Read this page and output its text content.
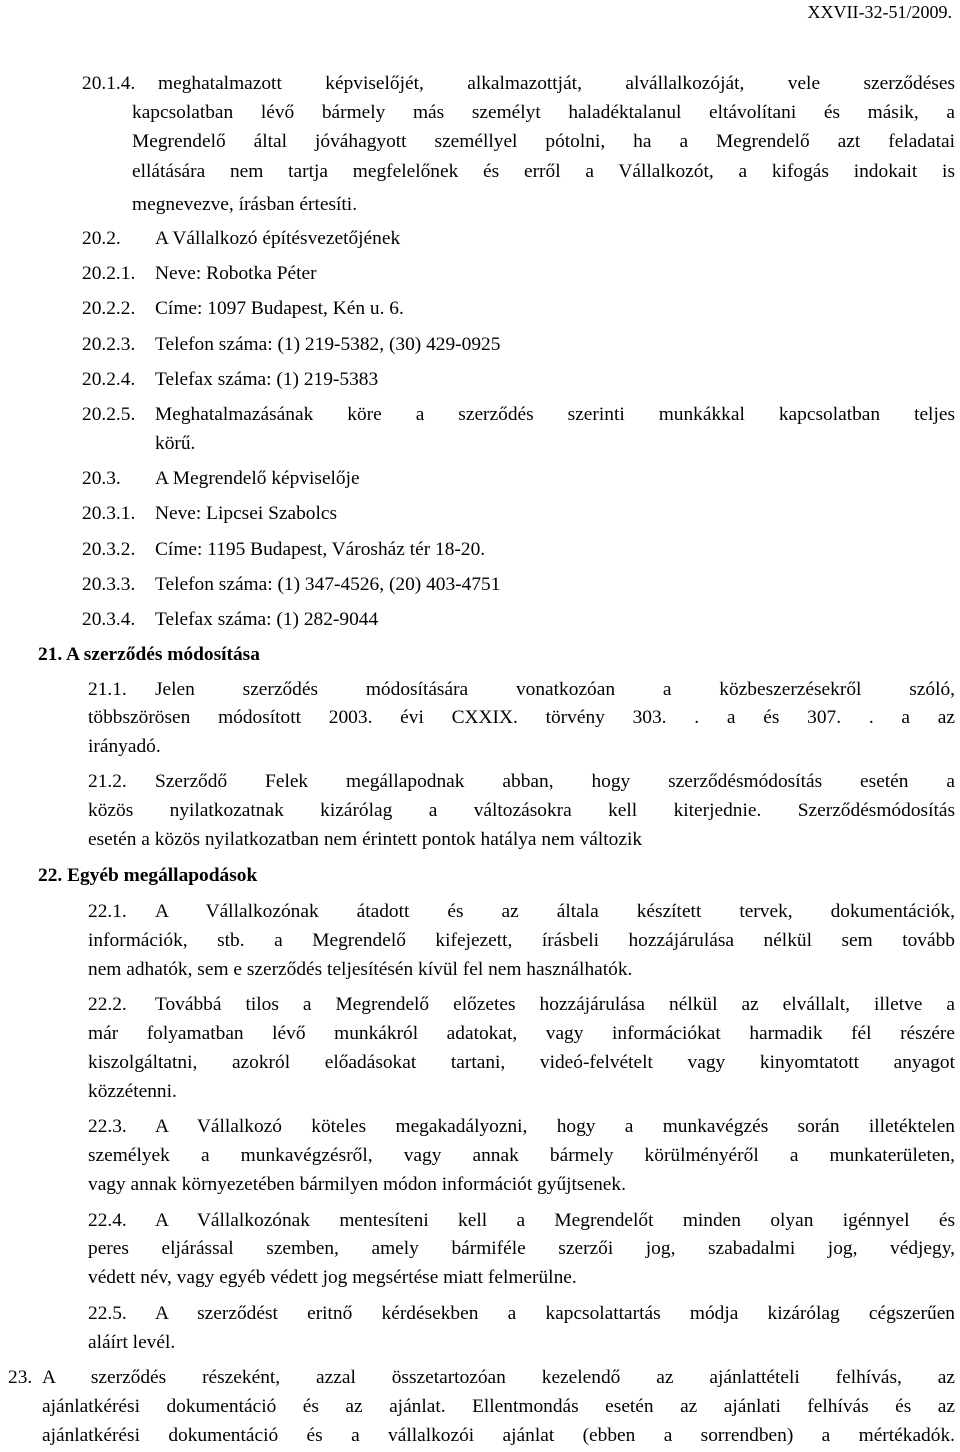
XXVII-32-51/2009.
20.1.4. meghatalmazott képviselőjét, alkalmazottját, alvállalkozóját, vele szerződéses
kapcsolatban lévő bármely más személyt haladéktalanul eltávolítani és másik, a
Megrendelő által jóváhagyott személlyel pótolni, ha a Megrendelő azt feladatai
ellátására nem tartja megfelelőnek és erről a Vállalkozót, a kifogás indokait is
megnevezve, írásban értesíti.
20.2. A Vállalkozó építésvezetőjének
20.2.1. Neve: Robotka Péter
20.2.2. Címe: 1097 Budapest, Kén u. 6.
20.2.3. Telefon száma: (1) 219-5382, (30) 429-0925
20.2.4. Telefax száma: (1) 219-5383
20.2.5. Meghatalmazásának köre a szerződés szerinti munkákkal kapcsolatban teljes
körű.
20.3. A Megrendelő képviselője
20.3.1. Neve: Lipcsei Szabolcs
20.3.2. Címe: 1195 Budapest, Városház tér 18-20.
20.3.3. Telefon száma: (1) 347-4526, (20) 403-4751
20.3.4. Telefax száma: (1) 282-9044
21. A szerződés módosítása
21.1. Jelen szerződés módosítására vonatkozóan a közbeszerzésekről szóló,
többszörösen módosított 2003. évi CXXIX. törvény 303. . a és 307. . a az
irányadó.
21.2. Szerződő Felek megállapodnak abban, hogy szerződésmódosítás esetén a
közös nyilatkozatnak kizárólag a változásokra kell kiterjednie. Szerződésmódosítás
esetén a közös nyilatkozatban nem érintett pontok hatálya nem változik
22. Egyéb megállapodások
22.1. A Vállalkozónak átadott és az általa készített tervek, dokumentációk,
információk, stb. a Megrendelő kifejezett, írásbeli hozzájárulása nélkül sem tovább
nem adhatók, sem e szerződés teljesítésén kívül fel nem használhatók.
22.2. Továbbá tilos a Megrendelő előzetes hozzájárulása nélkül az elvállalt, illetve a
már folyamatban lévő munkákról adatokat, vagy információkat harmadik fél részére
kiszolgáltatni, azokról előadásokat tartani, videó-felvételt vagy kinyomtatott anyagot
közzétenni.
22.3. A Vállalkozó köteles megakadályozni, hogy a munkavégzés során illetéktelen
személyek a munkavégzésről, vagy annak bármely körülményéről a munkaterületen,
vagy annak környezetében bármilyen módon információt gyűjtsenek.
22.4. A Vállalkozónak mentesíteni kell a Megrendelőt minden olyan igénnyel és
peres eljárással szemben, amely bármiféle szerzői jog, szabadalmi jog, védjegy,
védett név, vagy egyéb védett jog megsértése miatt felmerülne.
22.5. A szerződést eritnő kérdésekben a kapcsolattartás módja kizárólag cégszerűen
aláírt levél.
23. A szerződés részeként, azzal összetartozóan kezelendő az ajánlattételi felhívás, az
ajánlatkérési dokumentáció és az ajánlat. Ellentmondás esetén az ajánlati felhívás és az
ajánlatkérési dokumentáció és a vállalkozói ajánlat (ebben a sorrendben) a mértékadók.
